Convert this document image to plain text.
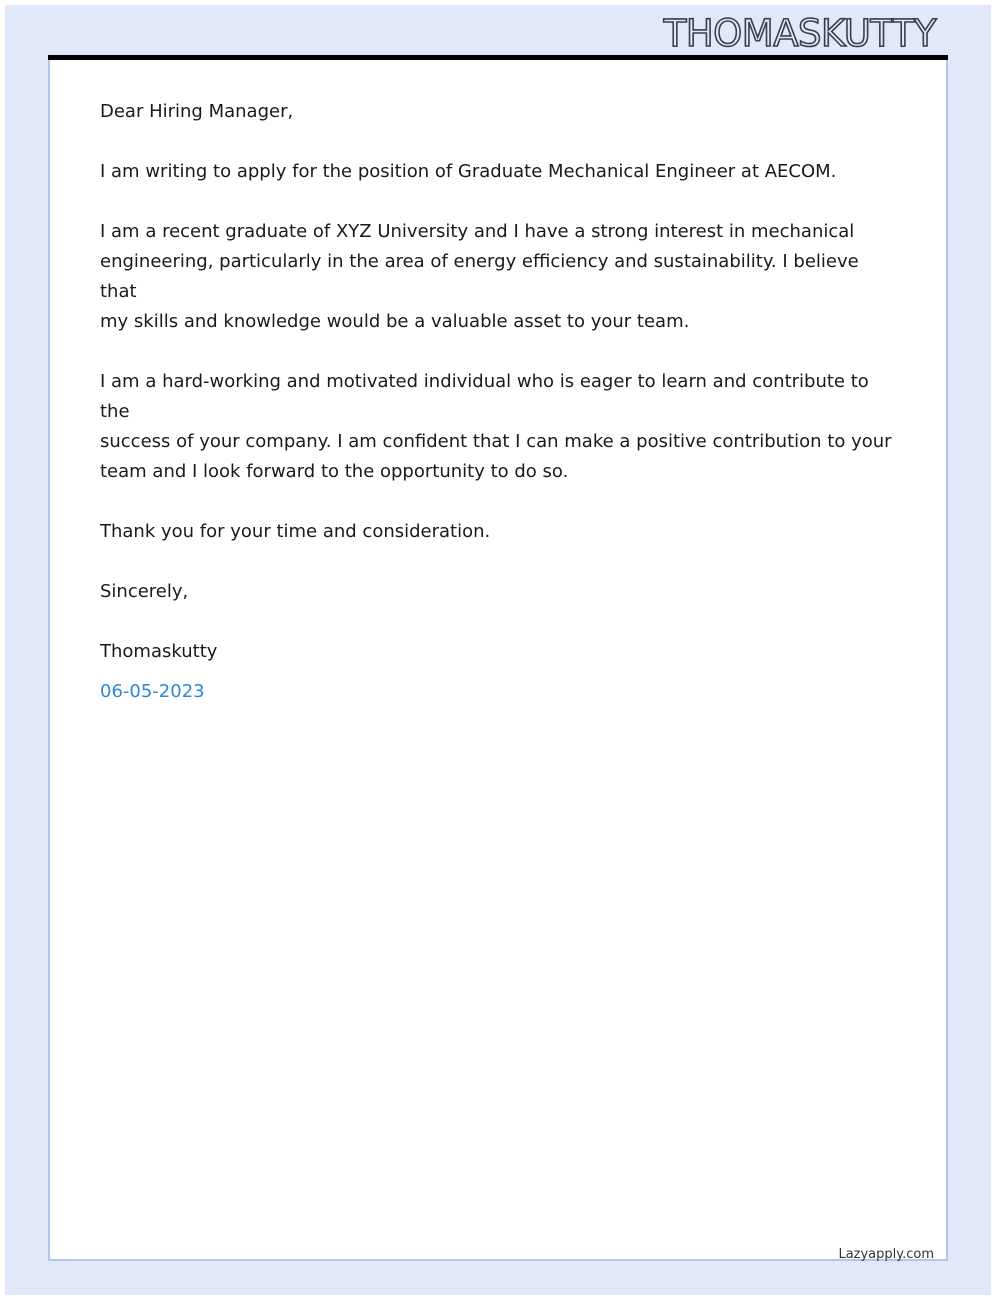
THOMASKUTTY

Dear Hiring Manager,

I am writing to apply for the position of Graduate Mechanical Engineer at AECOM.

I am a recent graduate of XYZ University and I have a strong interest in mechanical
engineering, particularly in the area of energy efficiency and sustainability. I believe that
my skills and knowledge would be a valuable asset to your team.

I am a hard-working and motivated individual who is eager to learn and contribute to the
success of your company. I am confident that I can make a positive contribution to your
team and I look forward to the opportunity to do so.

Thank you for your time and consideration.

Sincerely,

Thomaskutty

06-05-2023

Lazyapply.com
